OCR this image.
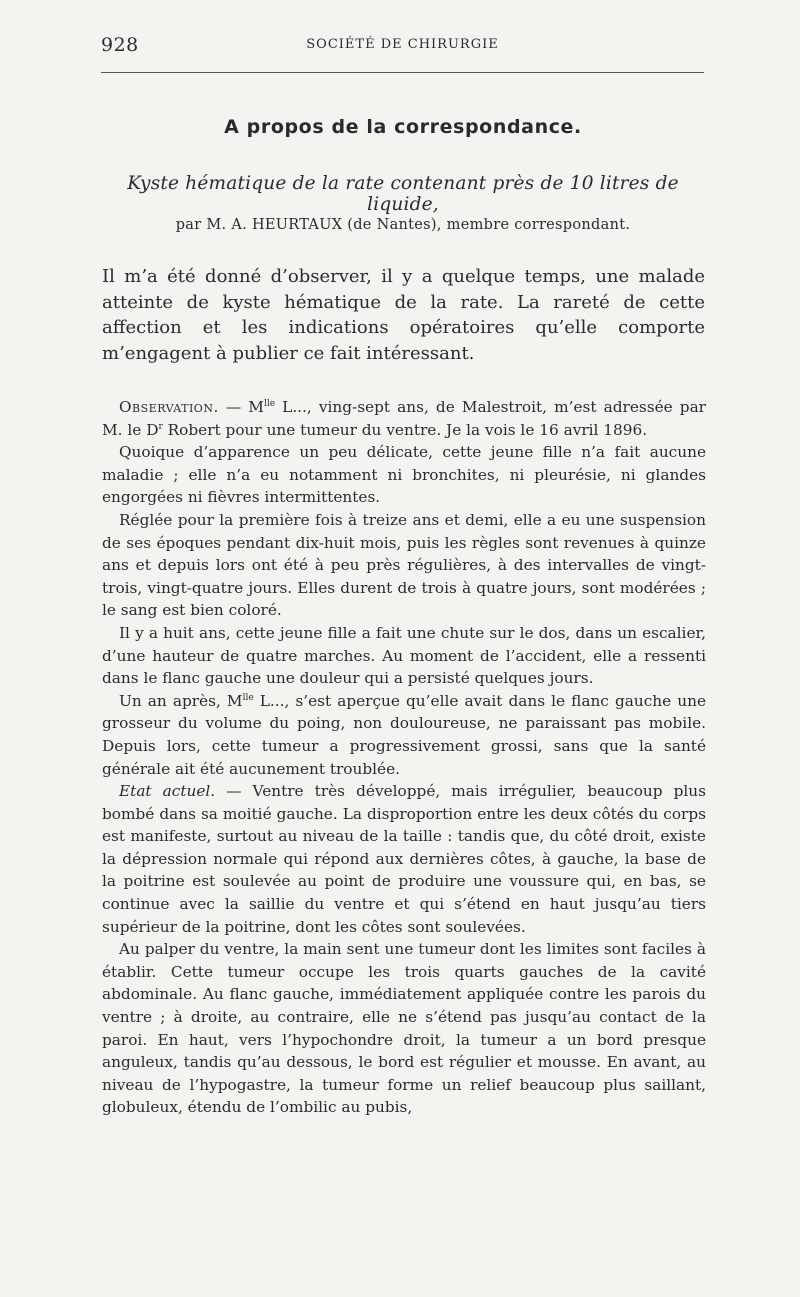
928	SOCIÉTÉ DE CHIRURGIE
A propos de la correspondance.
Kyste hématique de la rate contenant près de 10 litres de liquide,
par M. A. HEURTAUX (de Nantes), membre correspondant.

Il m’a été donné d’observer, il y a quelque temps, une malade atteinte de kyste hématique de la rate. La rareté de cette affection et les indications opératoires qu’elle comporte m’engagent à publier ce fait intéressant.

Observation. — $M^{lle}$ L..., ving-sept ans, de Malestroit, m’est adressée par M. le $D^r$ Robert pour une tumeur du ventre. Je la vois le 16 avril 1896.

Quoique d’apparence un peu délicate, cette jeune fille n’a fait aucune maladie ; elle n’a eu notamment ni bronchites, ni pleurésie, ni glandes engorgées ni fièvres intermittentes.

Réglée pour la première fois à treize ans et demi, elle a eu une suspension de ses époques pendant dix-huit mois, puis les règles sont revenues à quinze ans et depuis lors ont été à peu près régulières, à des intervalles de vingt-trois, vingt-quatre jours. Elles durent de trois à quatre jours, sont modérées ; le sang est bien coloré.

Il y a huit ans, cette jeune fille a fait une chute sur le dos, dans un escalier, d’une hauteur de quatre marches. Au moment de l’accident, elle a ressenti dans le flanc gauche une douleur qui a persisté quelques jours.

Un an après, $M^{lle}$ L..., s’est aperçue qu’elle avait dans le flanc gauche une grosseur du volume du poing, non douloureuse, ne paraissant pas mobile. Depuis lors, cette tumeur a progressivement grossi, sans que la santé générale ait été aucunement troublée.

Etat actuel. — Ventre très développé, mais irrégulier, beaucoup plus bombé dans sa moitié gauche. La disproportion entre les deux côtés du corps est manifeste, surtout au niveau de la taille : tandis que, du côté droit, existe la dépression normale qui répond aux dernières côtes, à gauche, la base de la poitrine est soulevée au point de produire une voussure qui, en bas, se continue avec la saillie du ventre et qui s’étend en haut jusqu’au tiers supérieur de la poitrine, dont les côtes sont soulevées.

Au palper du ventre, la main sent une tumeur dont les limites sont faciles à établir. Cette tumeur occupe les trois quarts gauches de la cavité abdominale. Au flanc gauche, immédiatement appliquée contre les parois du ventre ; à droite, au contraire, elle ne s’étend pas jusqu’au contact de la paroi. En haut, vers l’hypochondre droit, la tumeur a un bord presque anguleux, tandis qu’au dessous, le bord est régulier et mousse. En avant, au niveau de l’hypogastre, la tumeur forme un relief beaucoup plus saillant, globuleux, étendu de l’ombilic au pubis,
